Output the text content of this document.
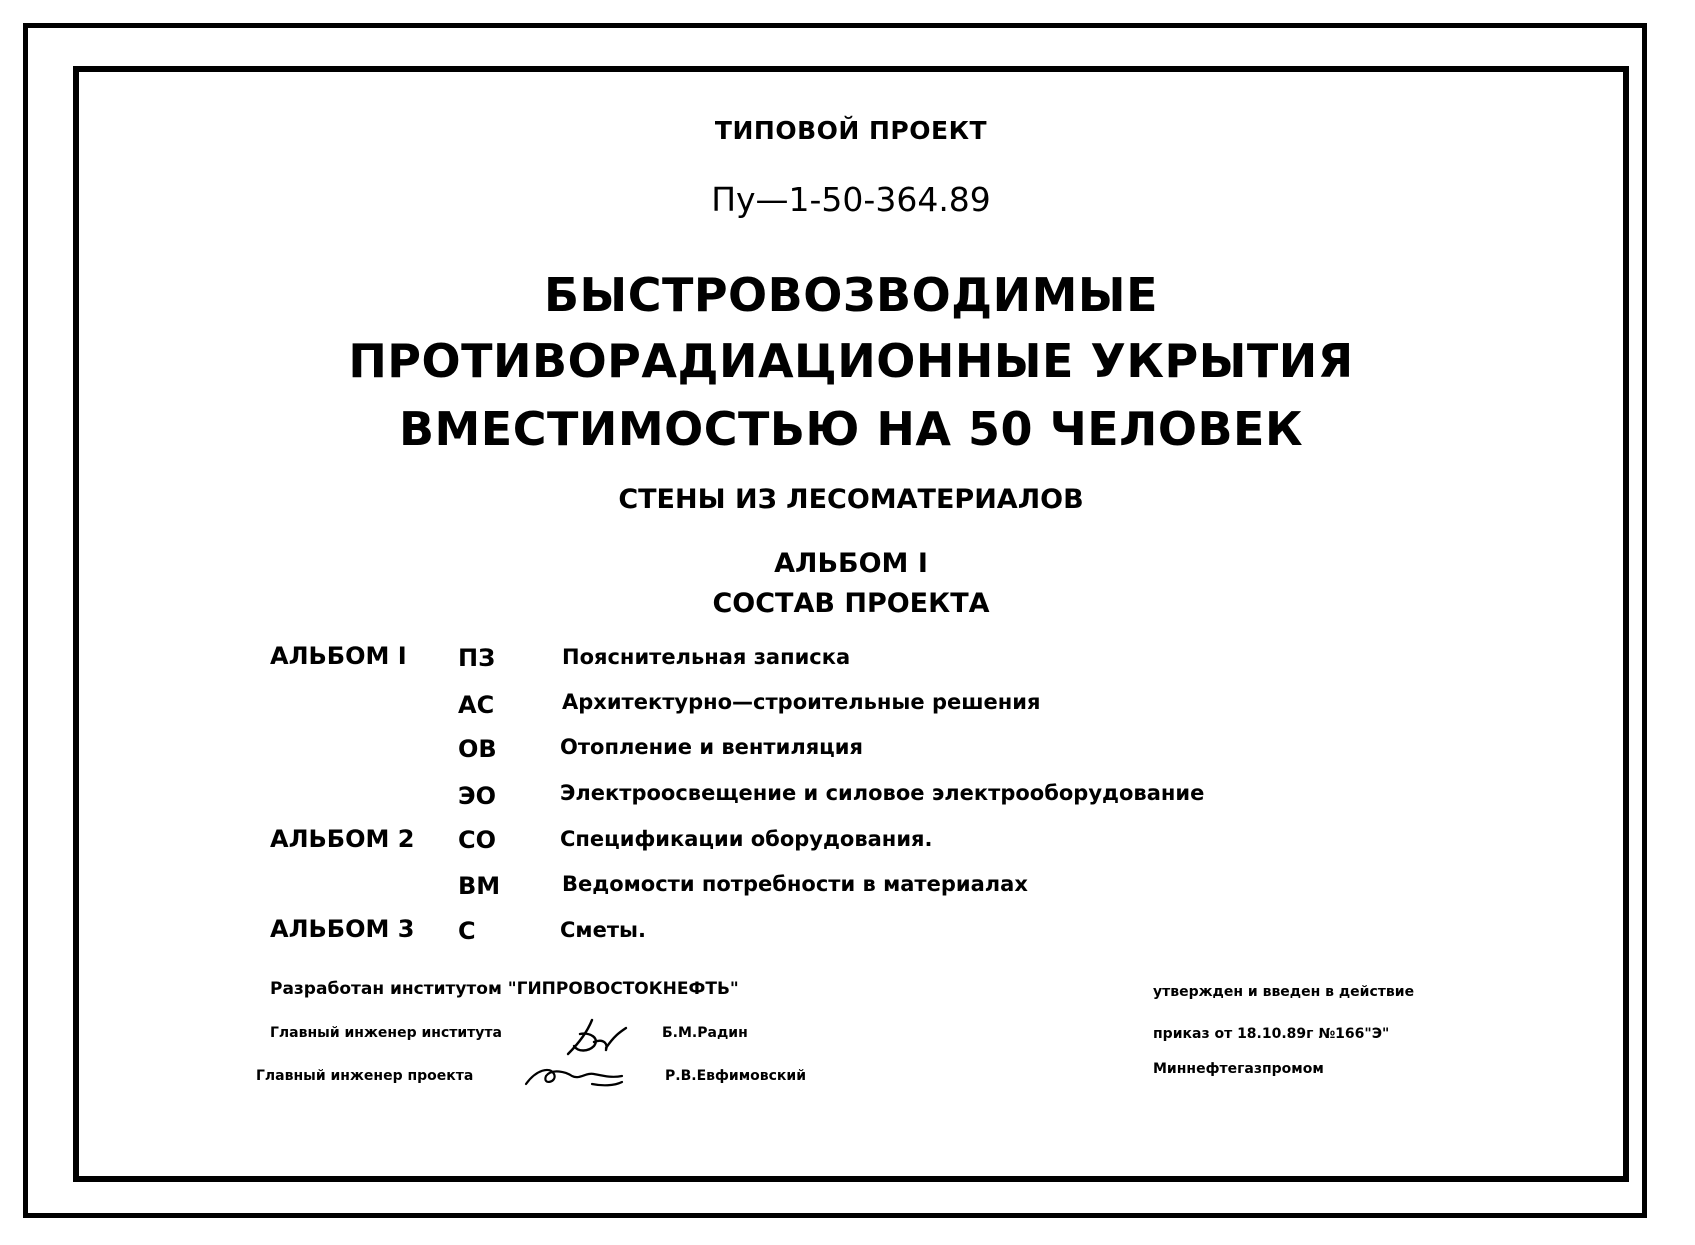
ТИПОВОЙ ПРОЕКТ
Пу—1-50-364.89
БЫСТРОВОЗВОДИМЫЕ
ПРОТИВОРАДИАЦИОННЫЕ УКРЫТИЯ
ВМЕСТИМОСТЬЮ НА 50 ЧЕЛОВЕК
СТЕНЫ ИЗ ЛЕСОМАТЕРИАЛОВ
АЛЬБОМ I
СОСТАВ ПРОЕКТА
АЛЬБОМ I ПЗ	Пояснительная записка
АС	Архитектурно—строительные решения
ОВ	Отопление и вентиляция
ЭО	Электроосвещение и силовое электрооборудование
АЛЬБОМ 2 СО	Спецификации оборудования.
ВМ	Ведомости потребности в материалах
АЛЬБОМ 3 С	Сметы.
Разработан институтом "ГИПРОВОСТОКНЕФТЬ"
Главный инженер института	Б.М.Радин
Главный инженер проекта	Р.В.Евфимовский
утвержден и введен в действие
приказ от 18.10.89г №166"Э"
Миннефтегазпромом
